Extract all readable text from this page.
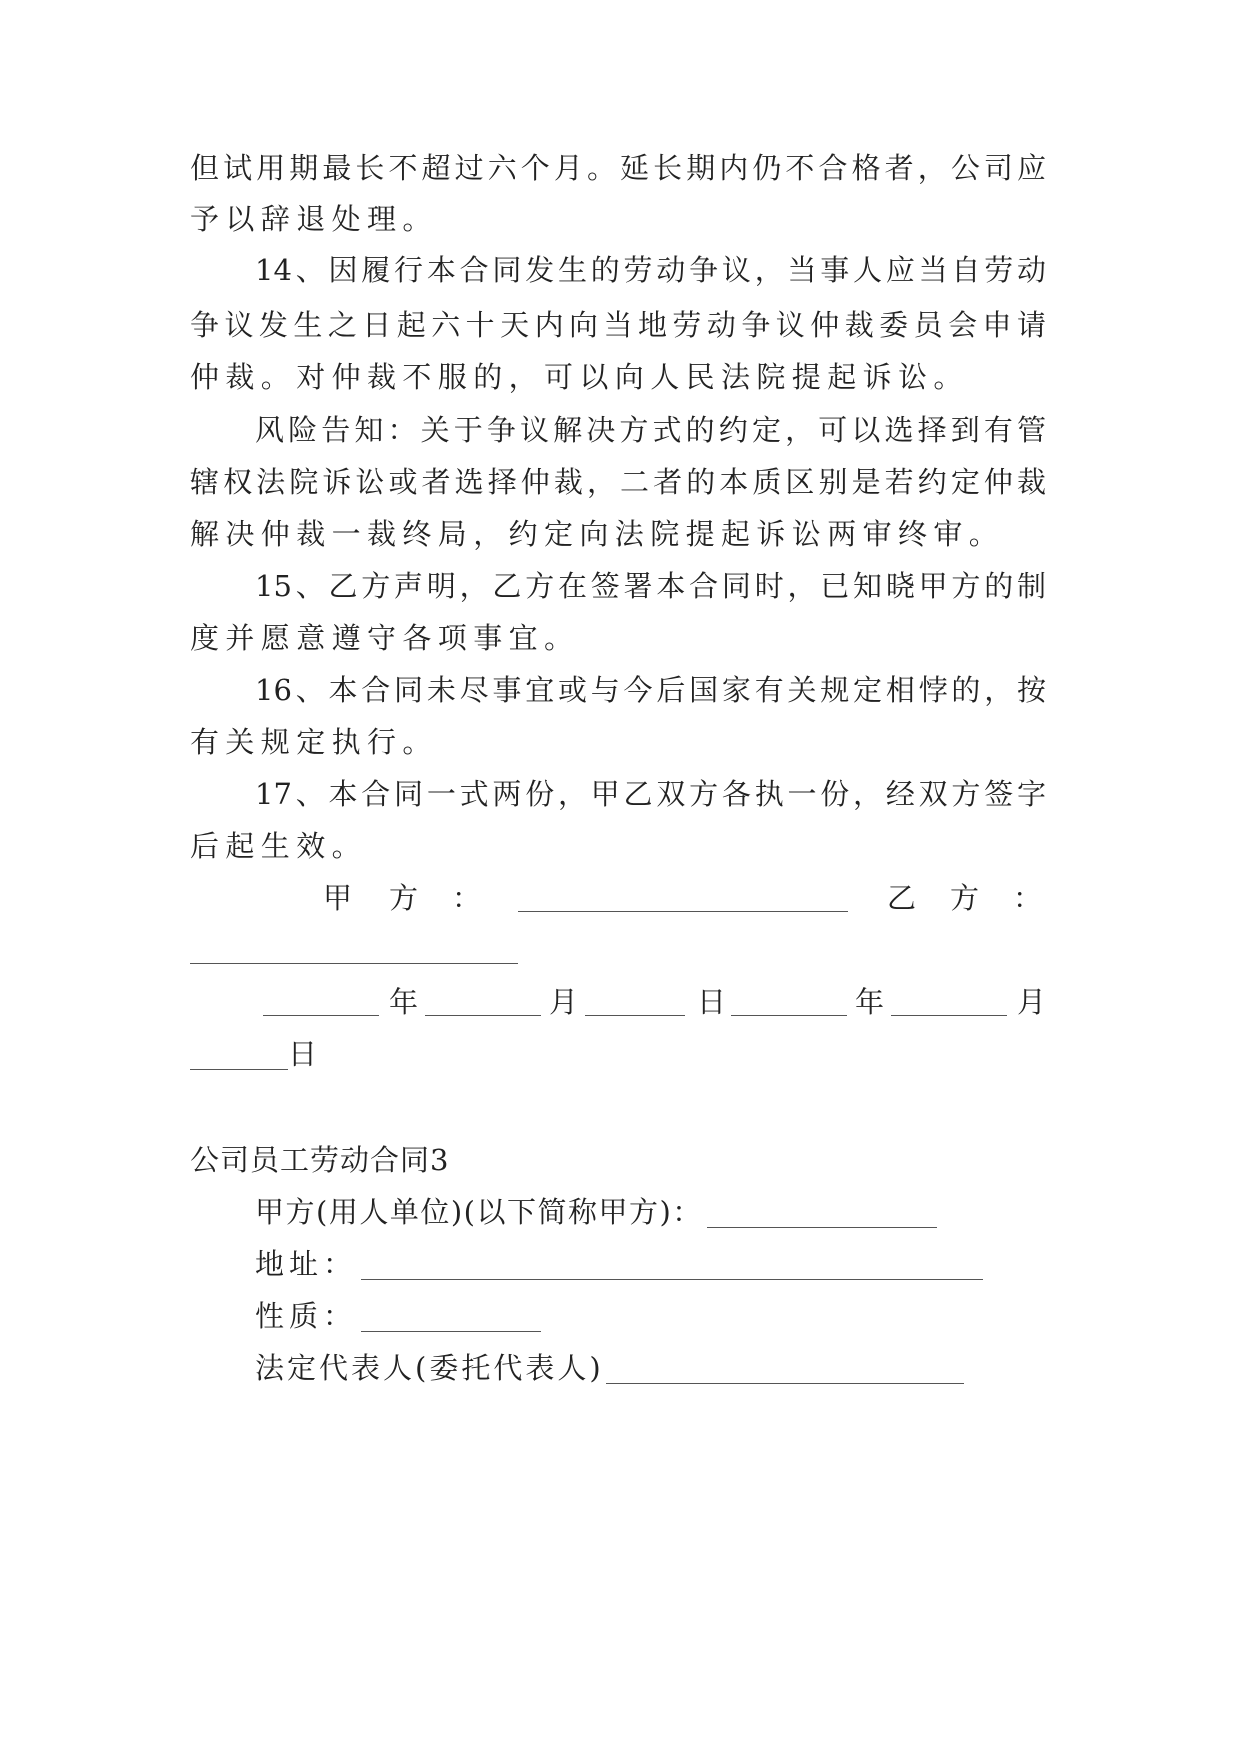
但试用期最长不超过六个月。延长期内仍不合格者，公司应

予以辞退处理。

14、因履行本合同发生的劳动争议，当事人应当自劳动

争议发生之日起六十天内向当地劳动争议仲裁委员会申请

仲裁。对仲裁不服的，可以向人民法院提起诉讼。

风险告知：关于争议解决方式的约定，可以选择到有管

辖权法院诉讼或者选择仲裁，二者的本质区别是若约定仲裁

解决仲裁一裁终局，约定向法院提起诉讼两审终审。

15、乙方声明，乙方在签署本合同时，已知晓甲方的制

度并愿意遵守各项事宜。

16、本合同未尽事宜或与今后国家有关规定相悖的，按

有关规定执行。

17、本合同一式两份，甲乙双方各执一份，经双方签字

后起生效。

甲 方 ：	乙 方 ：
年	月	日	年	月
日
公司员工劳动合同3
甲方(用人单位)(以下简称甲方)：
地址：
性质：
法定代表人(委托代表人)
